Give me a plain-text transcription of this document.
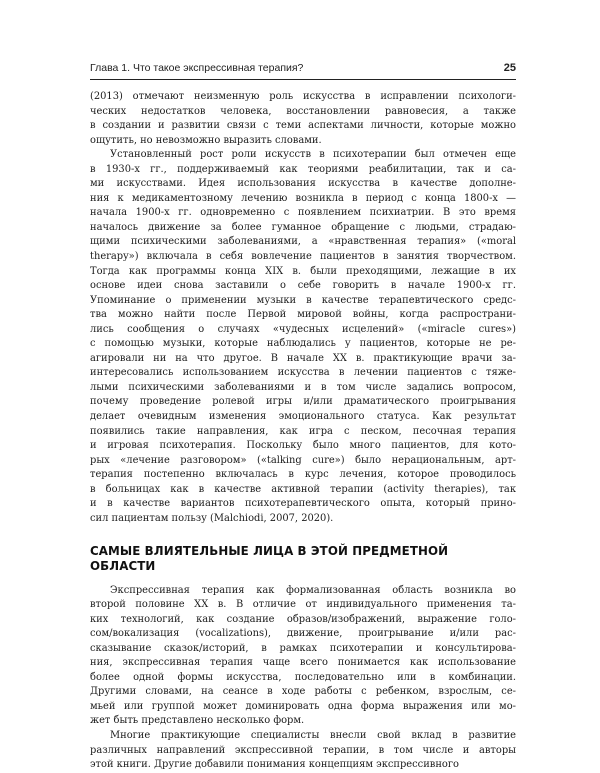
Глава 1. Что такое экспрессивная терапия?	25
(2013) отмечают неизменную роль искусства в исправлении психологи-
ческих недостатков человека, восстановлении равновесия, а также
в создании и развитии связи с теми аспектами личности, которые можно
ощутить, но невозможно выразить словами.
Установленный рост роли искусств в психотерапии был отмечен еще
в 1930-х гг., поддерживаемый как теориями реабилитации, так и са-
ми искусствами. Идея использования искусства в качестве дополне-
ния к медикаментозному лечению возникла в период с конца 1800-х —
начала 1900-х гг. одновременно с появлением психиатрии. В это время
началось движение за более гуманное обращение с людьми, страдаю-
щими психическими заболеваниями, а «нравственная терапия» («moral
therapy») включала в себя вовлечение пациентов в занятия творчеством.
Тогда как программы конца XIX в. были преходящими, лежащие в их
основе идеи снова заставили о себе говорить в начале 1900-х гг.
Упоминание о применении музыки в качестве терапевтического средс-
тва можно найти после Первой мировой войны, когда распространи-
лись сообщения о случаях «чудесных исцелений» («miracle cures»)
с помощью музыки, которые наблюдались у пациентов, которые не ре-
агировали ни на что другое. В начале XX в. практикующие врачи за-
интересовались использованием искусства в лечении пациентов с тяже-
лыми психическими заболеваниями и в том числе задались вопросом,
почему проведение ролевой игры и/или драматического проигрывания
делает очевидным изменения эмоционального статуса. Как результат
появились такие направления, как игра с песком, песочная терапия
и игровая психотерапия. Поскольку было много пациентов, для кото-
рых «лечение разговором» («talking cure») было нерациональным, арт-
терапия постепенно включалась в курс лечения, которое проводилось
в больницах как в качестве активной терапии (activity therapies), так
и в качестве вариантов психотерапевтического опыта, который прино-
сил пациентам пользу (Malchiodi, 2007, 2020).
САМЫЕ ВЛИЯТЕЛЬНЫЕ ЛИЦА В ЭТОЙ ПРЕДМЕТНОЙ ОБЛАСТИ
Экспрессивная терапия как формализованная область возникла во
второй половине XX в. В отличие от индивидуального применения та-
ких технологий, как создание образов/изображений, выражение голо-
сом/вокализация (vocalizations), движение, проигрывание и/или рас-
сказывание сказок/историй, в рамках психотерапии и консультирова-
ния, экспрессивная терапия чаще всего понимается как использование
более одной формы искусства, последовательно или в комбинации.
Другими словами, на сеансе в ходе работы с ребенком, взрослым, се-
мьей или группой может доминировать одна форма выражения или мо-
жет быть представлено несколько форм.
Многие практикующие специалисты внесли свой вклад в развитие
различных направлений экспрессивной терапии, в том числе и авторы
этой книги. Другие добавили понимания концепциям экспрессивного
